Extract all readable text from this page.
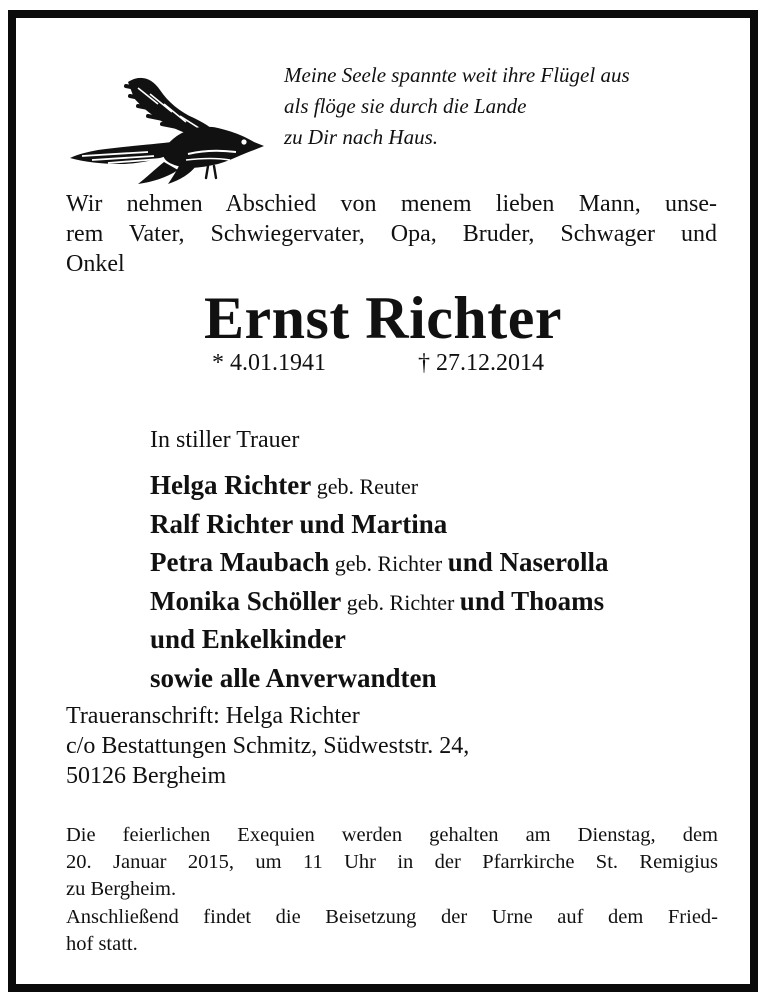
Meine Seele spannte weit ihre Flügel aus
als flöge sie durch die Lande
zu Dir nach Haus.
Wir nehmen Abschied von menem lieben Mann, unse-
rem Vater, Schwiegervater, Opa, Bruder, Schwager und
Onkel
Ernst Richter
* 4.01.1941	† 27.12.2014
In stiller Trauer
Helga Richter geb. Reuter
Ralf Richter und Martina
Petra Maubach geb. Richter und Naserolla
Monika Schöller geb. Richter und Thoams
und Enkelkinder
sowie alle Anverwandten
Traueranschrift: Helga Richter
c/o Bestattungen Schmitz, Südweststr. 24,
50126 Bergheim
Die feierlichen Exequien werden gehalten am Dienstag, dem
20. Januar 2015, um 11 Uhr in der Pfarrkirche St. Remigius
zu Bergheim.
Anschließend findet die Beisetzung der Urne auf dem Fried-
hof statt.
